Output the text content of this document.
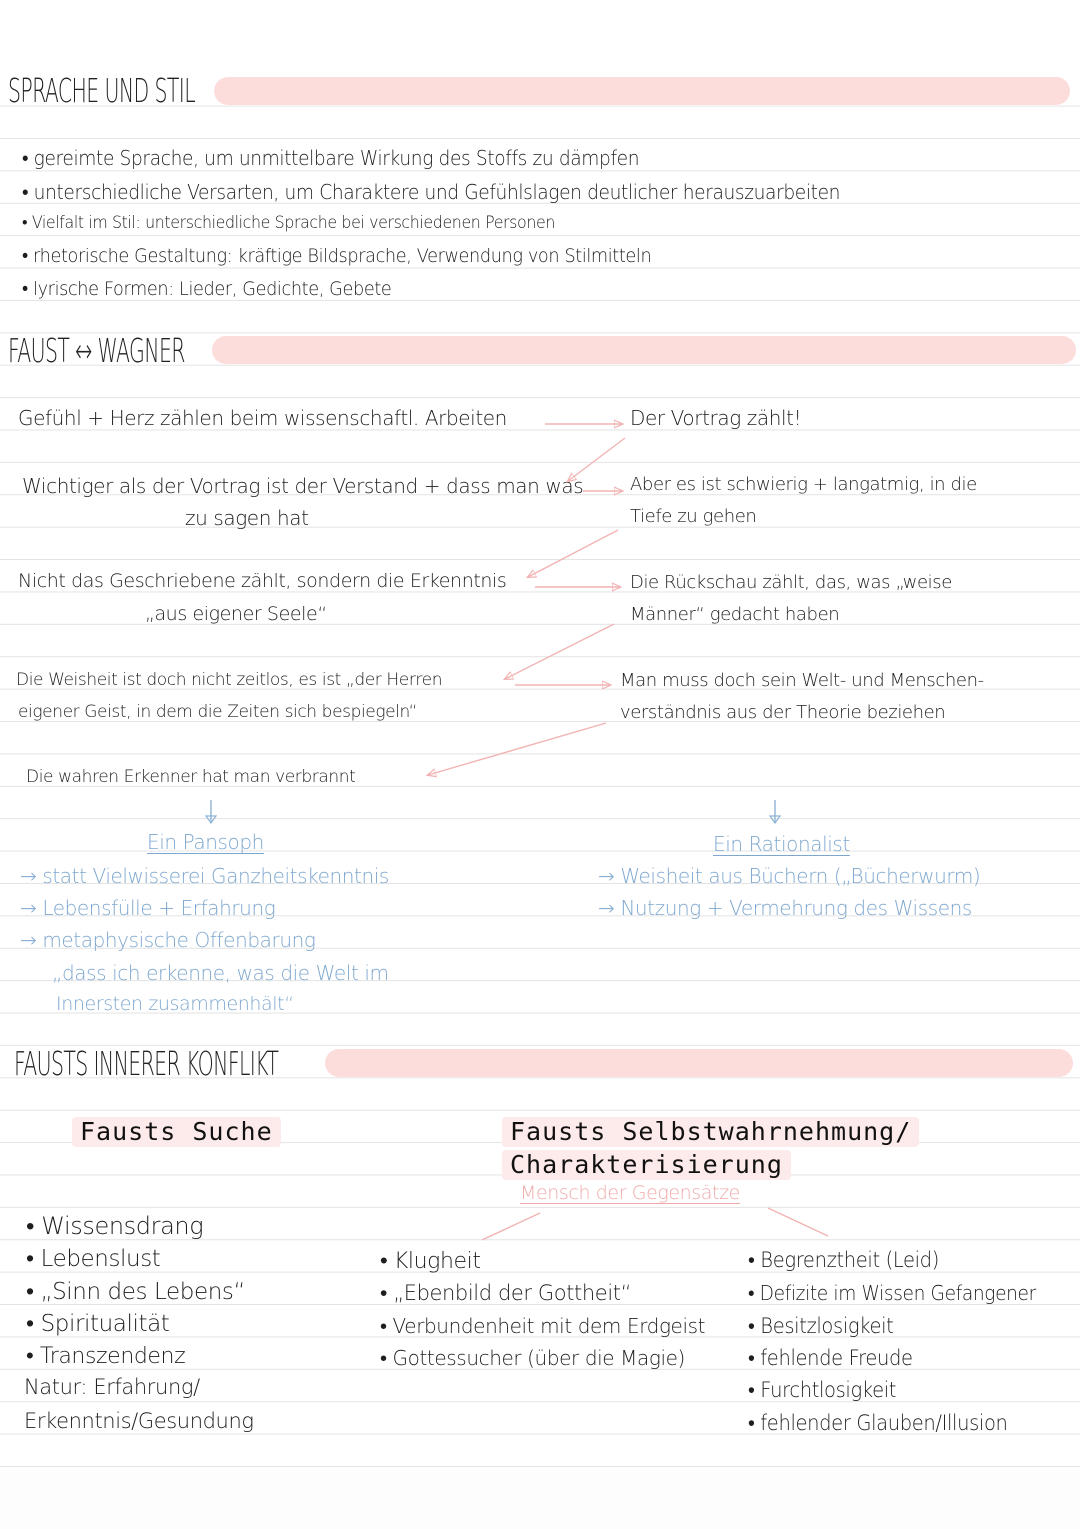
SPRACHE UND STIL
• gereimte Sprache, um unmittelbare Wirkung des Stoffs zu dämpfen
• unterschiedliche Versarten, um Charaktere und Gefühlslagen deutlicher herauszuarbeiten
• Vielfalt im Stil: unterschiedliche Sprache bei verschiedenen Personen
• rhetorische Gestaltung: kräftige Bildsprache, Verwendung von Stilmitteln
• lyrische Formen: Lieder, Gedichte, Gebete
FAUST ↔ WAGNER
Gefühl + Herz zählen beim wissenschaftl. Arbeiten
Wichtiger als der Vortrag ist der Verstand + dass man was
zu sagen hat
Nicht das Geschriebene zählt, sondern die Erkenntnis
„aus eigener Seele“
Die Weisheit ist doch nicht zeitlos, es ist „der Herren
eigener Geist, in dem die Zeiten sich bespiegeln“
Die wahren Erkenner hat man verbrannt
Der Vortrag zählt!
Aber es ist schwierig + langatmig, in die
Tiefe zu gehen
Die Rückschau zählt, das, was „weise
Männer“ gedacht haben
Man muss doch sein Welt- und Menschen-
verständnis aus der Theorie beziehen
Ein Pansoph
→ statt Vielwisserei Ganzheitskenntnis
→ Lebensfülle + Erfahrung
→ metaphysische Offenbarung
„dass ich erkenne, was die Welt im
Innersten zusammenhält“
Ein Rationalist
→ Weisheit aus Büchern („Bücherwurm)
→ Nutzung + Vermehrung des Wissens
FAUSTS INNERER KONFLIKT
Fausts Suche	Fausts Selbstwahrnehmung/
Charakterisierung
Mensch der Gegensätze
• Wissensdrang
• Lebenslust
• „Sinn des Lebens“
• Spiritualität
• Transzendenz
Natur: Erfahrung/
Erkenntnis/Gesundung
• Klugheit
• „Ebenbild der Gottheit“
• Verbundenheit mit dem Erdgeist
• Gottessucher (über die Magie)
• Begrenztheit (Leid)
• Defizite im Wissen Gefangener
• Besitzlosigkeit
• fehlende Freude
• Furchtlosigkeit
• fehlender Glauben/Illusion
